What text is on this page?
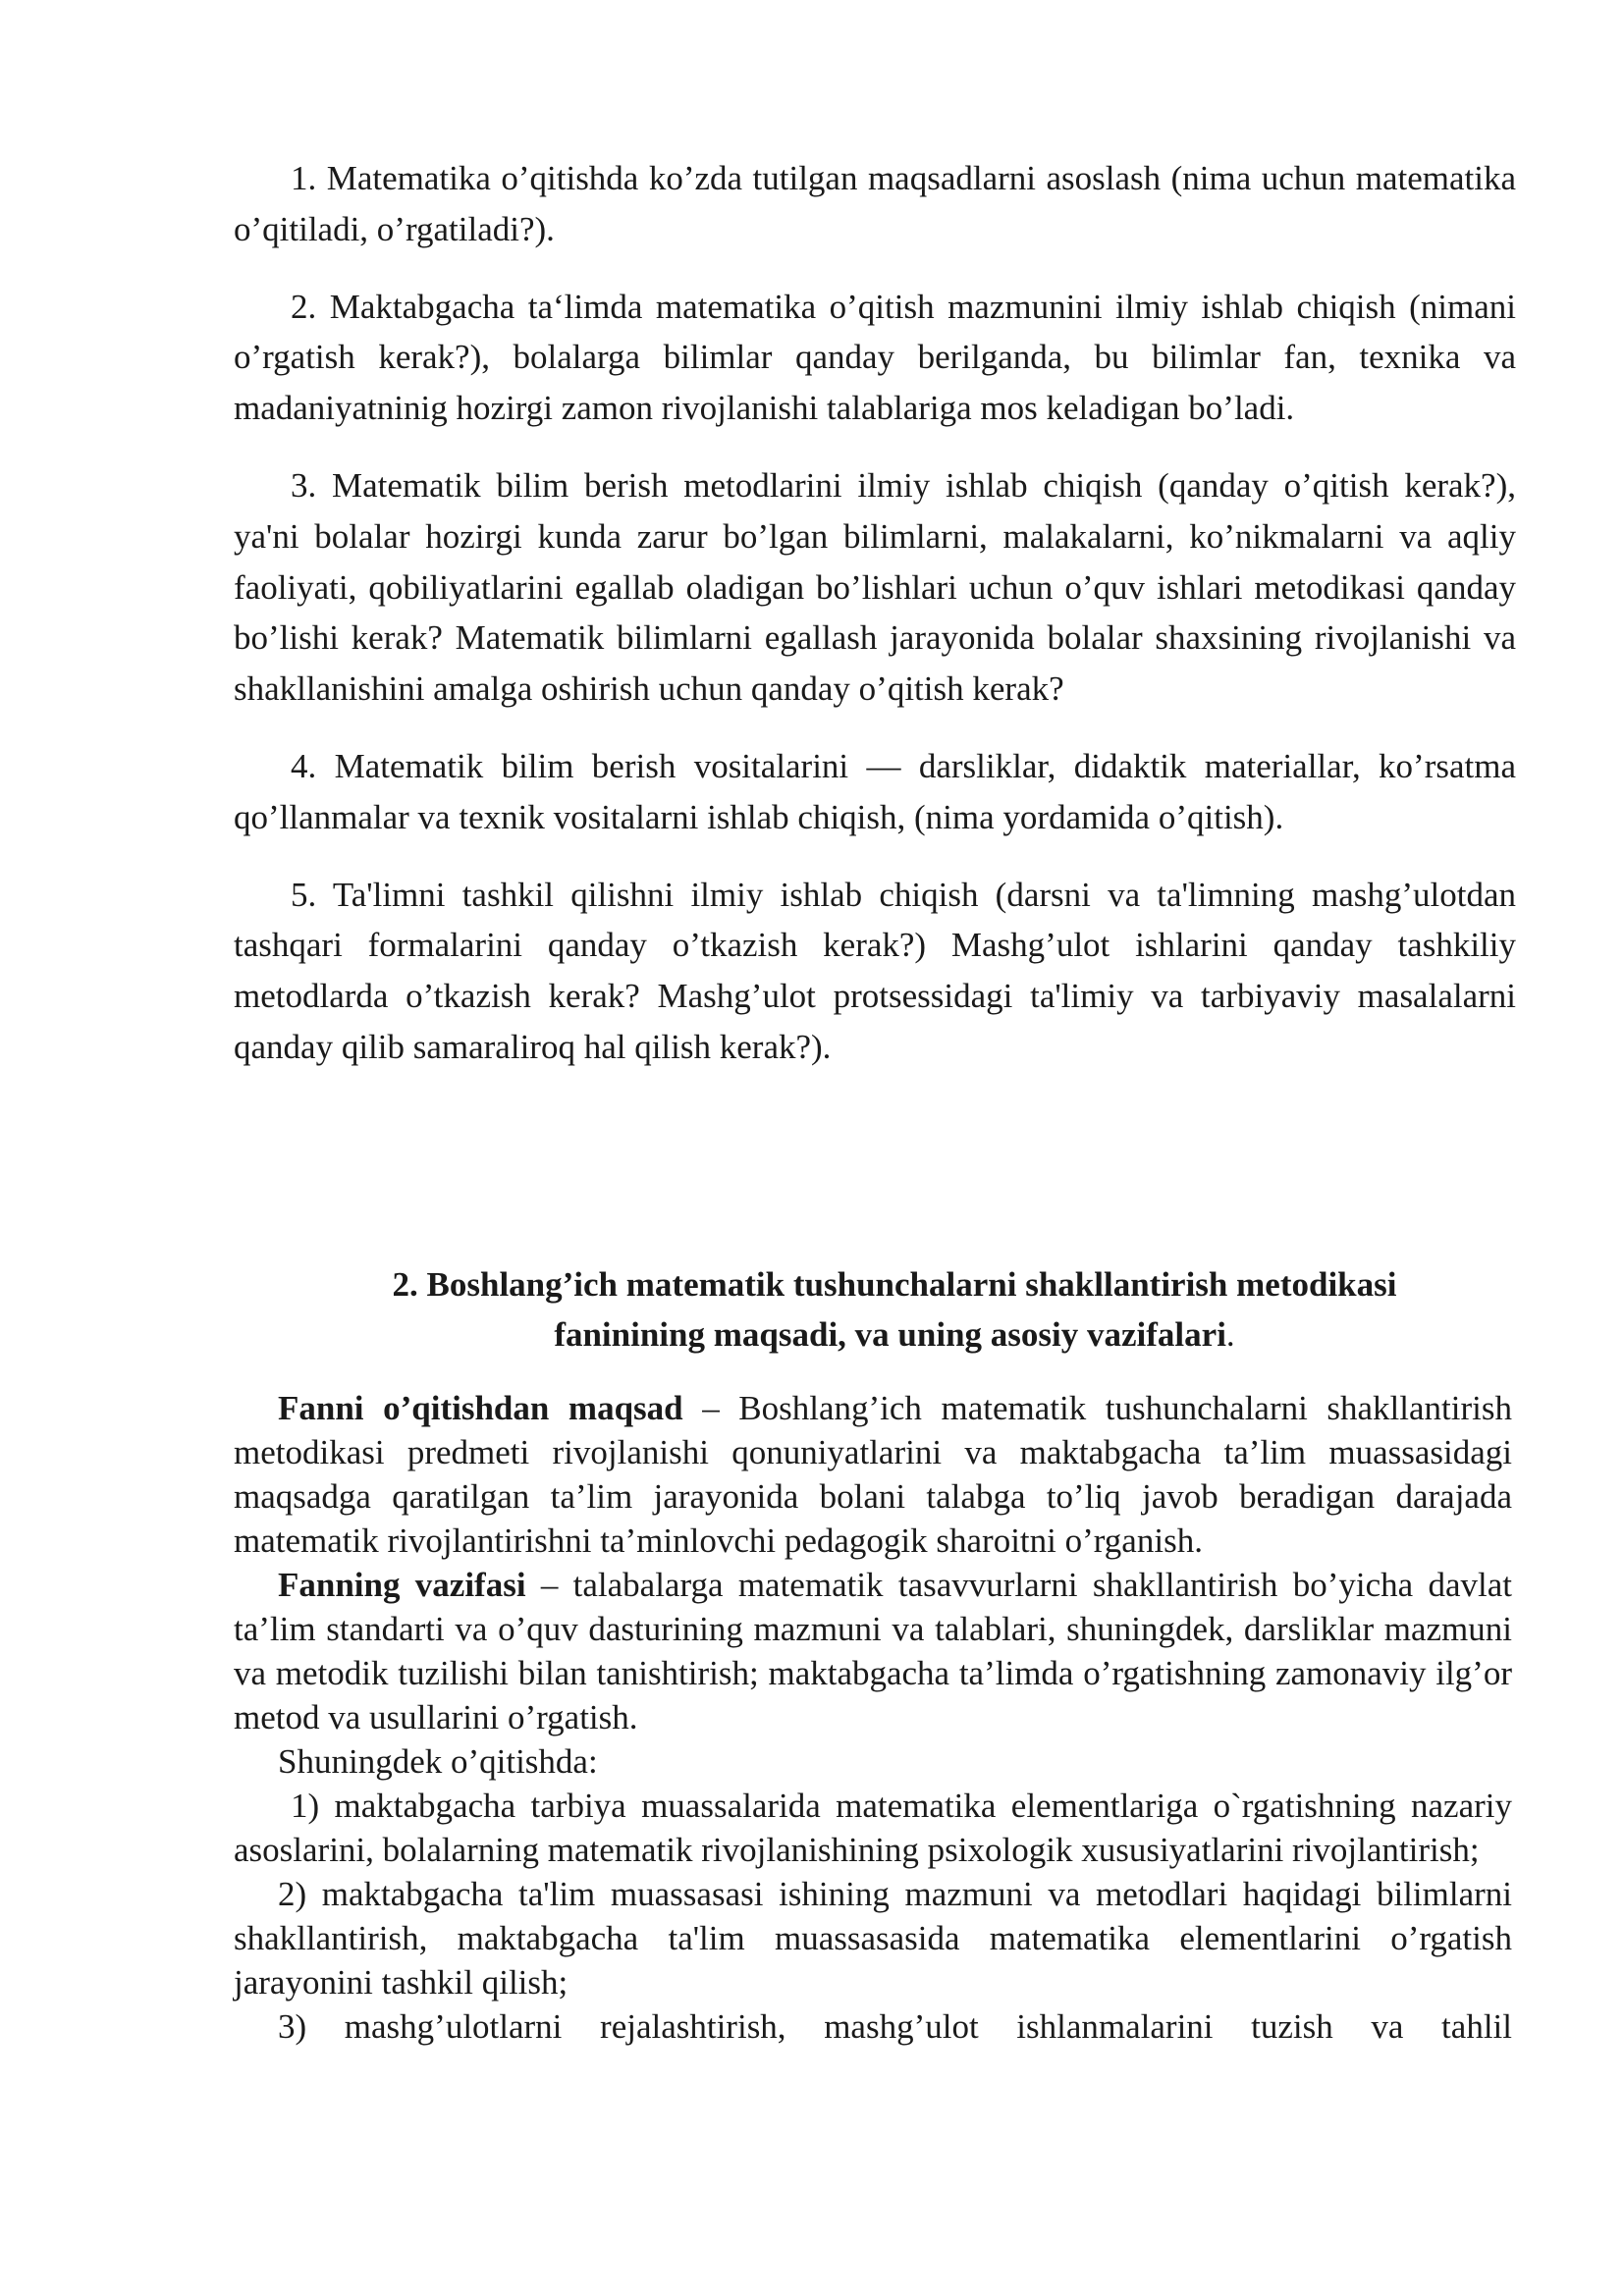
1. Matematika o’qitishda ko’zda tutilgan maqsadlarni asoslash (nima uchun matematika o’qitiladi, o’rgatiladi?).

2. Maktabgacha ta‘limda matematika o’qitish mazmunini ilmiy ishlab chiqish (nimani o’rgatish kerak?), bolalarga bilimlar qanday berilganda, bu bilimlar fan, texnika va madaniyatninig hozirgi zamon rivojlanishi talablariga mos keladigan bo’ladi.

3. Matematik bilim berish metodlarini ilmiy ishlab chiqish (qanday o’qitish kerak?), ya'ni bolalar hozirgi kunda zarur bo’lgan bilimlarni, malakalarni, ko’nikmalarni va aqliy faoliyati, qobiliyatlarini egallab oladigan bo’lishlari uchun o’quv ishlari metodikasi qanday bo’lishi kerak? Matematik bilimlarni egallash jarayonida bolalar shaxsining rivojlanishi va shakllanishini amalga oshirish uchun qanday o’qitish kerak?

4. Matematik bilim berish vositalarini — darsliklar, didaktik materiallar, ko’rsatma qo’llanmalar va texnik vositalarni ishlab chiqish, (nima yordamida o’qitish).

5. Ta'limni tashkil qilishni ilmiy ishlab chiqish (darsni va ta'limning mashg’ulotdan tashqari formalarini qanday o’tkazish kerak?) Mashg’ulot ishlarini qanday tashkiliy metodlarda o’tkazish kerak? Mashg’ulot protsessidagi ta'limiy va tarbiyaviy masalalarni qanday qilib samaraliroq hal qilish kerak?).

2. Boshlang’ich matematik tushunchalarni shakllantirish metodikasi
faninining maqsadi, va uning asosiy vazifalari.

Fanni o’qitishdan maqsad – Boshlang’ich matematik tushunchalarni shakllantirish metodikasi predmeti rivojlanishi qonuniyatlarini va maktabgacha ta’lim muassasidagi maqsadga qaratilgan ta’lim jarayonida bolani talabga to’liq javob beradigan darajada matematik rivojlantirishni ta’minlovchi pedagogik sharoitni o’rganish.

Fanning vazifasi – talabalarga matematik tasavvurlarni shakllantirish bo’yicha davlat ta’lim standarti va o’quv dasturining mazmuni va talablari, shuningdek, darsliklar mazmuni va metodik tuzilishi bilan tanishtirish; maktabgacha ta’limda o’rgatishning zamonaviy ilg’or metod va usullarini o’rgatish.

Shuningdek o’qitishda:

1) maktabgacha tarbiya muassalarida matematika elementlariga o`rgatishning nazariy asoslarini, bolalarning matematik rivojlanishining psixologik xususiyatlarini rivojlantirish;

2) maktabgacha ta'lim muassasasi ishining mazmuni va metodlari haqidagi bilimlarni shakllantirish, maktabgacha ta'lim muassasasida matematika elementlarini o’rgatish jarayonini tashkil qilish;

3) mashg’ulotlarni rejalashtirish, mashg’ulot ishlanmalarini tuzish va tahlil
